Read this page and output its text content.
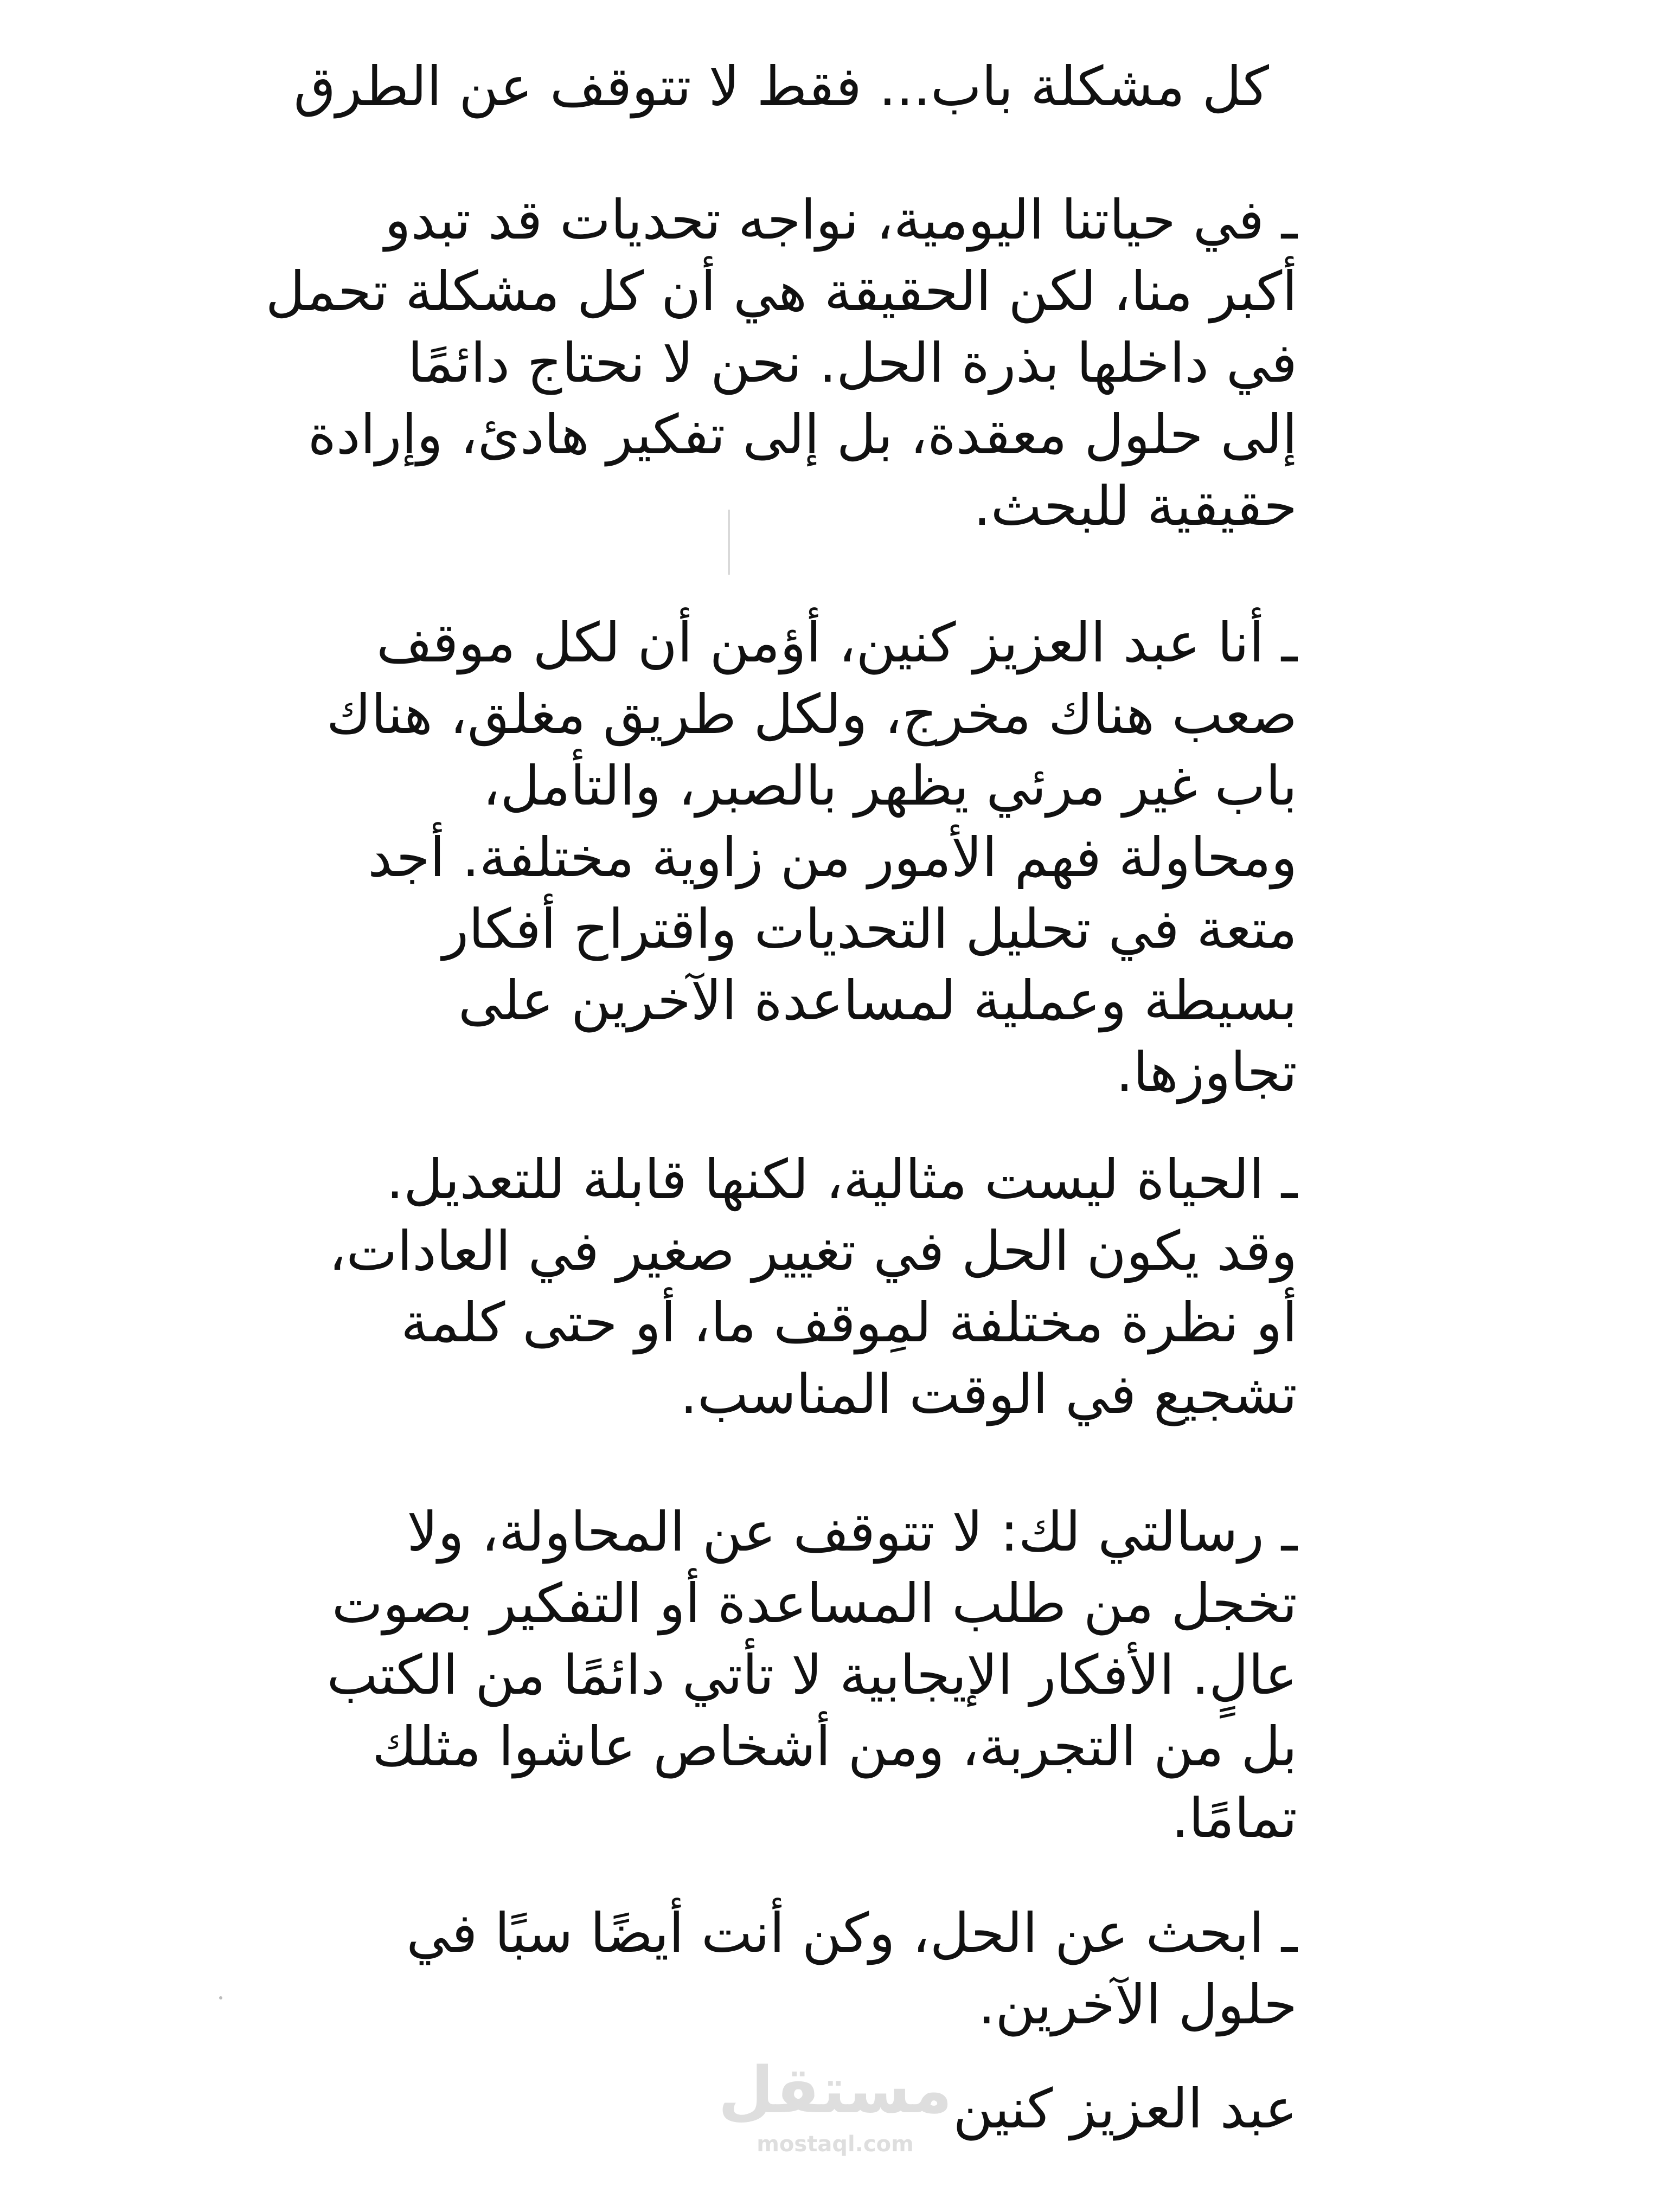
كل مشكلة باب... فقط لا تتوقف عن الطرق
ـ في حياتنا اليومية، نواجه تحديات قد تبدو
أكبر منا، لكن الحقيقة هي أن كل مشكلة تحمل
في داخلها بذرة الحل. نحن لا نحتاج دائمًا
إلى حلول معقدة، بل إلى تفكير هادئ، وإرادة
حقيقية للبحث.
ـ أنا عبد العزيز كنين، أؤمن أن لكل موقف
صعب هناك مخرج، ولكل طريق مغلق، هناك
باب غير مرئي يظهر بالصبر، والتأمل،
ومحاولة فهم الأمور من زاوية مختلفة. أجد
متعة في تحليل التحديات واقتراح أفكار
بسيطة وعملية لمساعدة الآخرين على
تجاوزها.
ـ الحياة ليست مثالية، لكنها قابلة للتعديل.
وقد يكون الحل في تغيير صغير في العادات،
أو نظرة مختلفة لمِوقف ما، أو حتى كلمة
تشجيع في الوقت المناسب.
ـ رسالتي لك: لا تتوقف عن المحاولة، ولا
تخجل من طلب المساعدة أو التفكير بصوت
عالٍ. الأفكار الإيجابية لا تأتي دائمًا من الكتب
بل من التجربة، ومن أشخاص عاشوا مثلك
تمامًا.
ـ ابحث عن الحل، وكن أنت أيضًا سبًا في
حلول الآخرين.
مستقل
mostaql.com
عبد العزيز كنين
